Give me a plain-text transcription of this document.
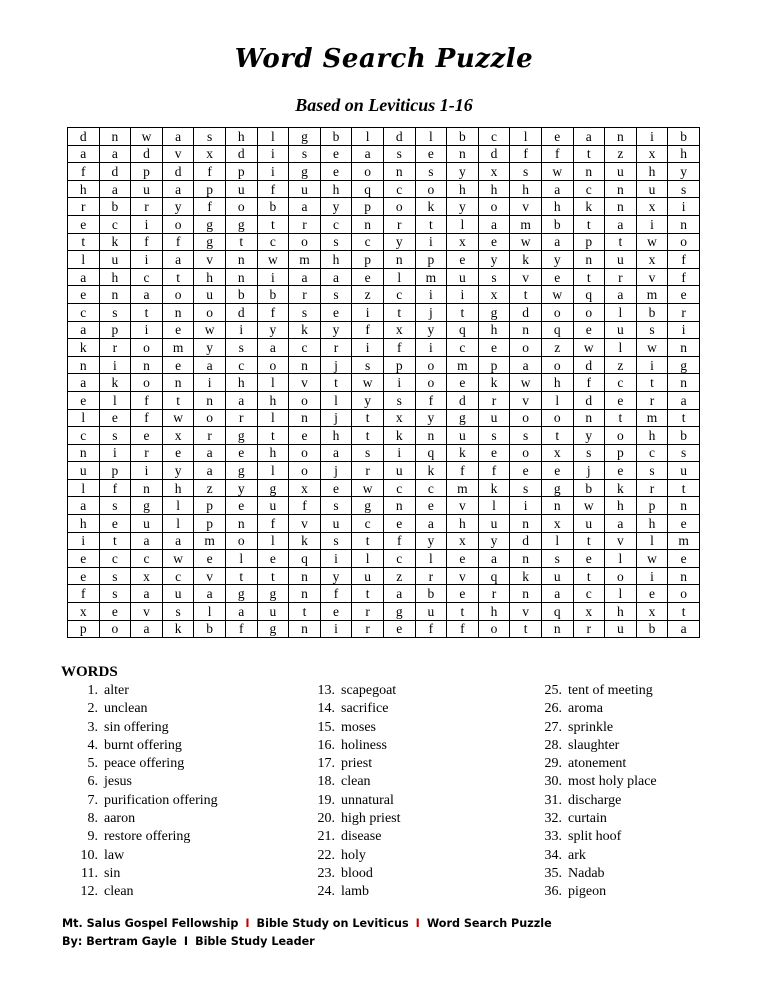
Word Search Puzzle
Based on Leviticus 1-16
d	n	w	a	s	h	l	g	b	l	d	l	b	c	l	e	a	n	i	b
a	a	d	v	x	d	i	s	e	a	s	e	n	d	f	f	t	z	x	h
f	d	p	d	f	p	i	g	e	o	n	s	y	x	s	w	n	u	h	y
h	a	u	a	p	u	f	u	h	q	c	o	h	h	h	a	c	n	u	s
r	b	r	y	f	o	b	a	y	p	o	k	y	o	v	h	k	n	x	i
e	c	i	o	g	g	t	r	c	n	r	t	l	a	m	b	t	a	i	n
t	k	f	f	g	t	c	o	s	c	y	i	x	e	w	a	p	t	w	o
l	u	i	a	v	n	w	m	h	p	n	p	e	y	k	y	n	u	x	f
a	h	c	t	h	n	i	a	a	e	l	m	u	s	v	e	t	r	v	f
e	n	a	o	u	b	b	r	s	z	c	i	i	x	t	w	q	a	m	e
c	s	t	n	o	d	f	s	e	i	t	j	t	g	d	o	o	l	b	r
a	p	i	e	w	i	y	k	y	f	x	y	q	h	n	q	e	u	s	i
k	r	o	m	y	s	a	c	r	i	f	i	c	e	o	z	w	l	w	n
n	i	n	e	a	c	o	n	j	s	p	o	m	p	a	o	d	z	i	g
a	k	o	n	i	h	l	v	t	w	i	o	e	k	w	h	f	c	t	n
e	l	f	t	n	a	h	o	l	y	s	f	d	r	v	l	d	e	r	a
l	e	f	w	o	r	l	n	j	t	x	y	g	u	o	o	n	t	m	t
c	s	e	x	r	g	t	e	h	t	k	n	u	s	s	t	y	o	h	b
n	i	r	e	a	e	h	o	a	s	i	q	k	e	o	x	s	p	c	s
u	p	i	y	a	g	l	o	j	r	u	k	f	f	e	e	j	e	s	u
l	f	n	h	z	y	g	x	e	w	c	c	m	k	s	g	b	k	r	t
a	s	g	l	p	e	u	f	s	g	n	e	v	l	i	n	w	h	p	n
h	e	u	l	p	n	f	v	u	c	e	a	h	u	n	x	u	a	h	e
i	t	a	a	m	o	l	k	s	t	f	y	x	y	d	l	t	v	l	m
e	c	c	w	e	l	e	q	i	l	c	l	e	a	n	s	e	l	w	e
e	s	x	c	v	t	t	n	y	u	z	r	v	q	k	u	t	o	i	n
f	s	a	u	a	g	g	n	f	t	a	b	e	r	n	a	c	l	e	o
x	e	v	s	l	a	u	t	e	r	g	u	t	h	v	q	x	h	x	t
p	o	a	k	b	f	g	n	i	r	e	f	f	o	t	n	r	u	b	a
WORDS
1. alter
2. unclean
3. sin offering
4. burnt offering
5. peace offering
6. jesus
7. purification offering
8. aaron
9. restore offering
10. law
11. sin
12. clean
13. scapegoat
14. sacrifice
15. moses
16. holiness
17. priest
18. clean
19. unnatural
20. high priest
21. disease
22. holy
23. blood
24. lamb
25. tent of meeting
26. aroma
27. sprinkle
28. slaughter
29. atonement
30. most holy place
31. discharge
32. curtain
33. split hoof
34. ark
35. Nadab
36. pigeon
Mt. Salus Gospel Fellowship I Bible Study on Leviticus I Word Search Puzzle
By: Bertram Gayle I Bible Study Leader
